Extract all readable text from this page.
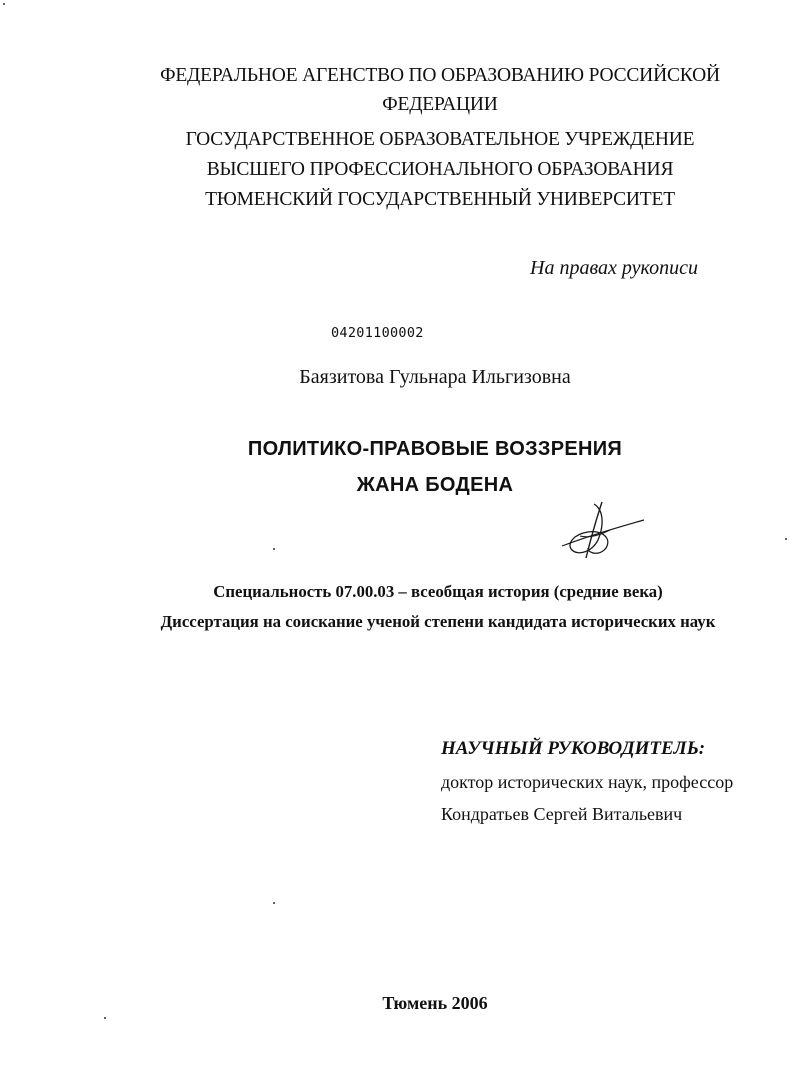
ФЕДЕРАЛЬНОЕ АГЕНСТВО ПО ОБРАЗОВАНИЮ РОССИЙСКОЙ

ФЕДЕРАЦИИ

ГОСУДАРСТВЕННОЕ ОБРАЗОВАТЕЛЬНОЕ УЧРЕЖДЕНИЕ

ВЫСШЕГО ПРОФЕССИОНАЛЬНОГО ОБРАЗОВАНИЯ

ТЮМЕНСКИЙ ГОСУДАРСТВЕННЫЙ УНИВЕРСИТЕТ

На правах рукописи

04201100002

Баязитова Гульнара Ильгизовна

ПОЛИТИКО-ПРАВОВЫЕ ВОЗЗРЕНИЯ

ЖАНА БОДЕНА

Специальность 07.00.03 – всеобщая история (средние века)

Диссертация на соискание ученой степени кандидата исторических наук

НАУЧНЫЙ РУКОВОДИТЕЛЬ:

доктор исторических наук, профессор

Кондратьев Сергей Витальевич

Тюмень 2006
